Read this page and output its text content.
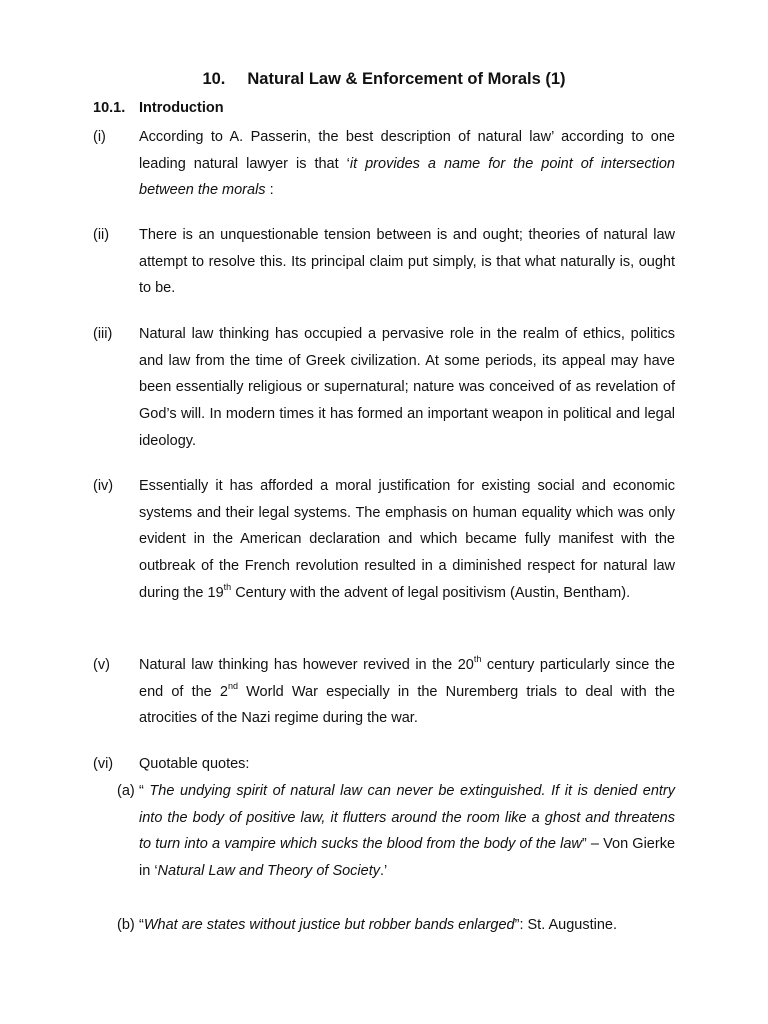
10. Natural Law & Enforcement of Morals (1)
10.1. Introduction
(i) According to A. Passerin, the best description of natural law’ according to one leading natural lawyer is that ‘it provides a name for the point of intersection between the morals :
(ii) There is an unquestionable tension between is and ought; theories of natural law attempt to resolve this. Its principal claim put simply, is that what naturally is, ought to be.
(iii) Natural law thinking has occupied a pervasive role in the realm of ethics, politics and law from the time of Greek civilization. At some periods, its appeal may have been essentially religious or supernatural; nature was conceived of as revelation of God’s will. In modern times it has formed an important weapon in political and legal ideology.
(iv) Essentially it has afforded a moral justification for existing social and economic systems and their legal systems. The emphasis on human equality which was only evident in the American declaration and which became fully manifest with the outbreak of the French revolution resulted in a diminished respect for natural law during the 19th Century with the advent of legal positivism (Austin, Bentham).
(v) Natural law thinking has however revived in the 20th century particularly since the end of the 2nd World War especially in the Nuremberg trials to deal with the atrocities of the Nazi regime during the war.
(vi) Quotable quotes:
(a) “ The undying spirit of natural law can never be extinguished. If it is denied entry into the body of positive law, it flutters around the room like a ghost and threatens to turn into a vampire which sucks the blood from the body of the law” – Von Gierke in ‘Natural Law and Theory of Society.’
(b) “What are states without justice but robber bands enlarged”: St. Augustine.
